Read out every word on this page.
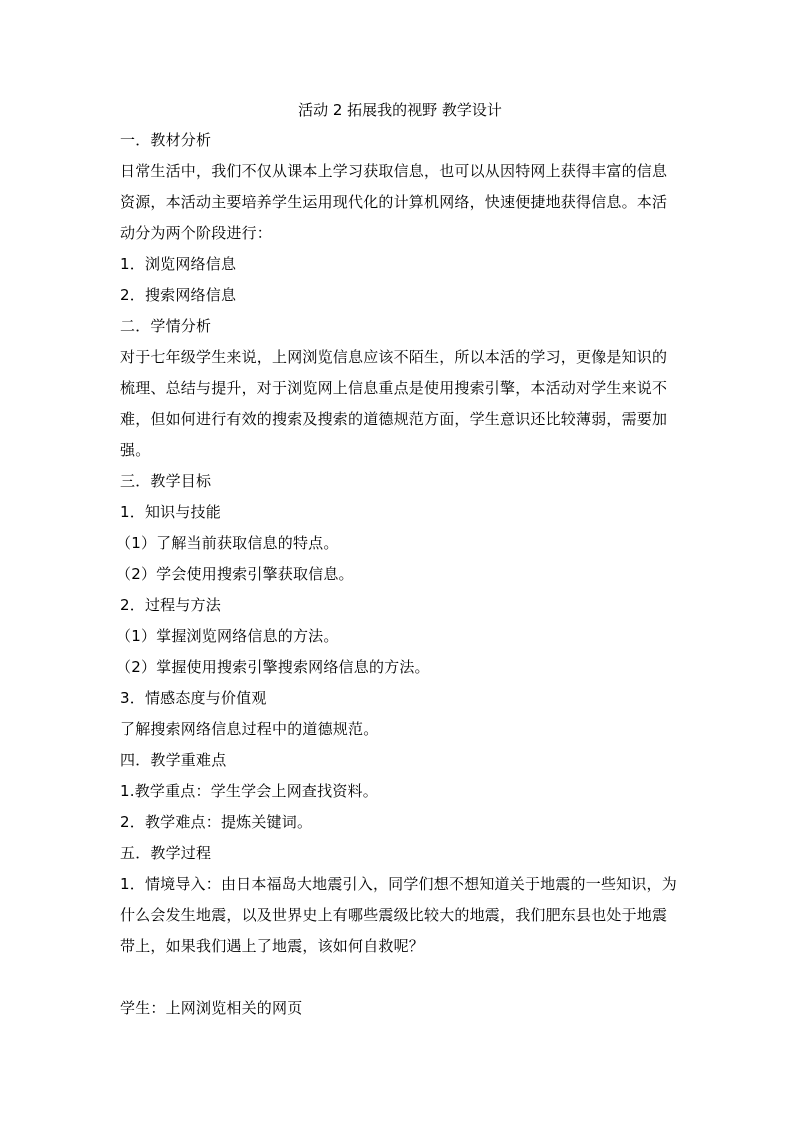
活动 2 拓展我的视野 教学设计
一．教材分析

日常生活中，我们不仅从课本上学习获取信息，也可以从因特网上获得丰富的信息资源，本活动主要培养学生运用现代化的计算机网络，快速便捷地获得信息。本活动分为两个阶段进行：

1．浏览网络信息
2．搜索网络信息
二．学情分析

对于七年级学生来说，上网浏览信息应该不陌生，所以本活的学习，更像是知识的梳理、总结与提升，对于浏览网上信息重点是使用搜索引擎，本活动对学生来说不难，但如何进行有效的搜索及搜索的道德规范方面，学生意识还比较薄弱，需要加强。

三．教学目标
1．知识与技能
（1）了解当前获取信息的特点。
（2）学会使用搜索引擎获取信息。
2．过程与方法
（1）掌握浏览网络信息的方法。
（2）掌握使用搜索引擎搜索网络信息的方法。
3．情感态度与价值观
了解搜索网络信息过程中的道德规范。
四．教学重难点
1.教学重点：学生学会上网查找资料。
2．教学难点：提炼关键词。
五．教学过程

1．情境导入：由日本福岛大地震引入，同学们想不想知道关于地震的一些知识，为什么会发生地震，以及世界史上有哪些震级比较大的地震，我们肥东县也处于地震带上，如果我们遇上了地震，该如何自救呢？

学生：上网浏览相关的网页
